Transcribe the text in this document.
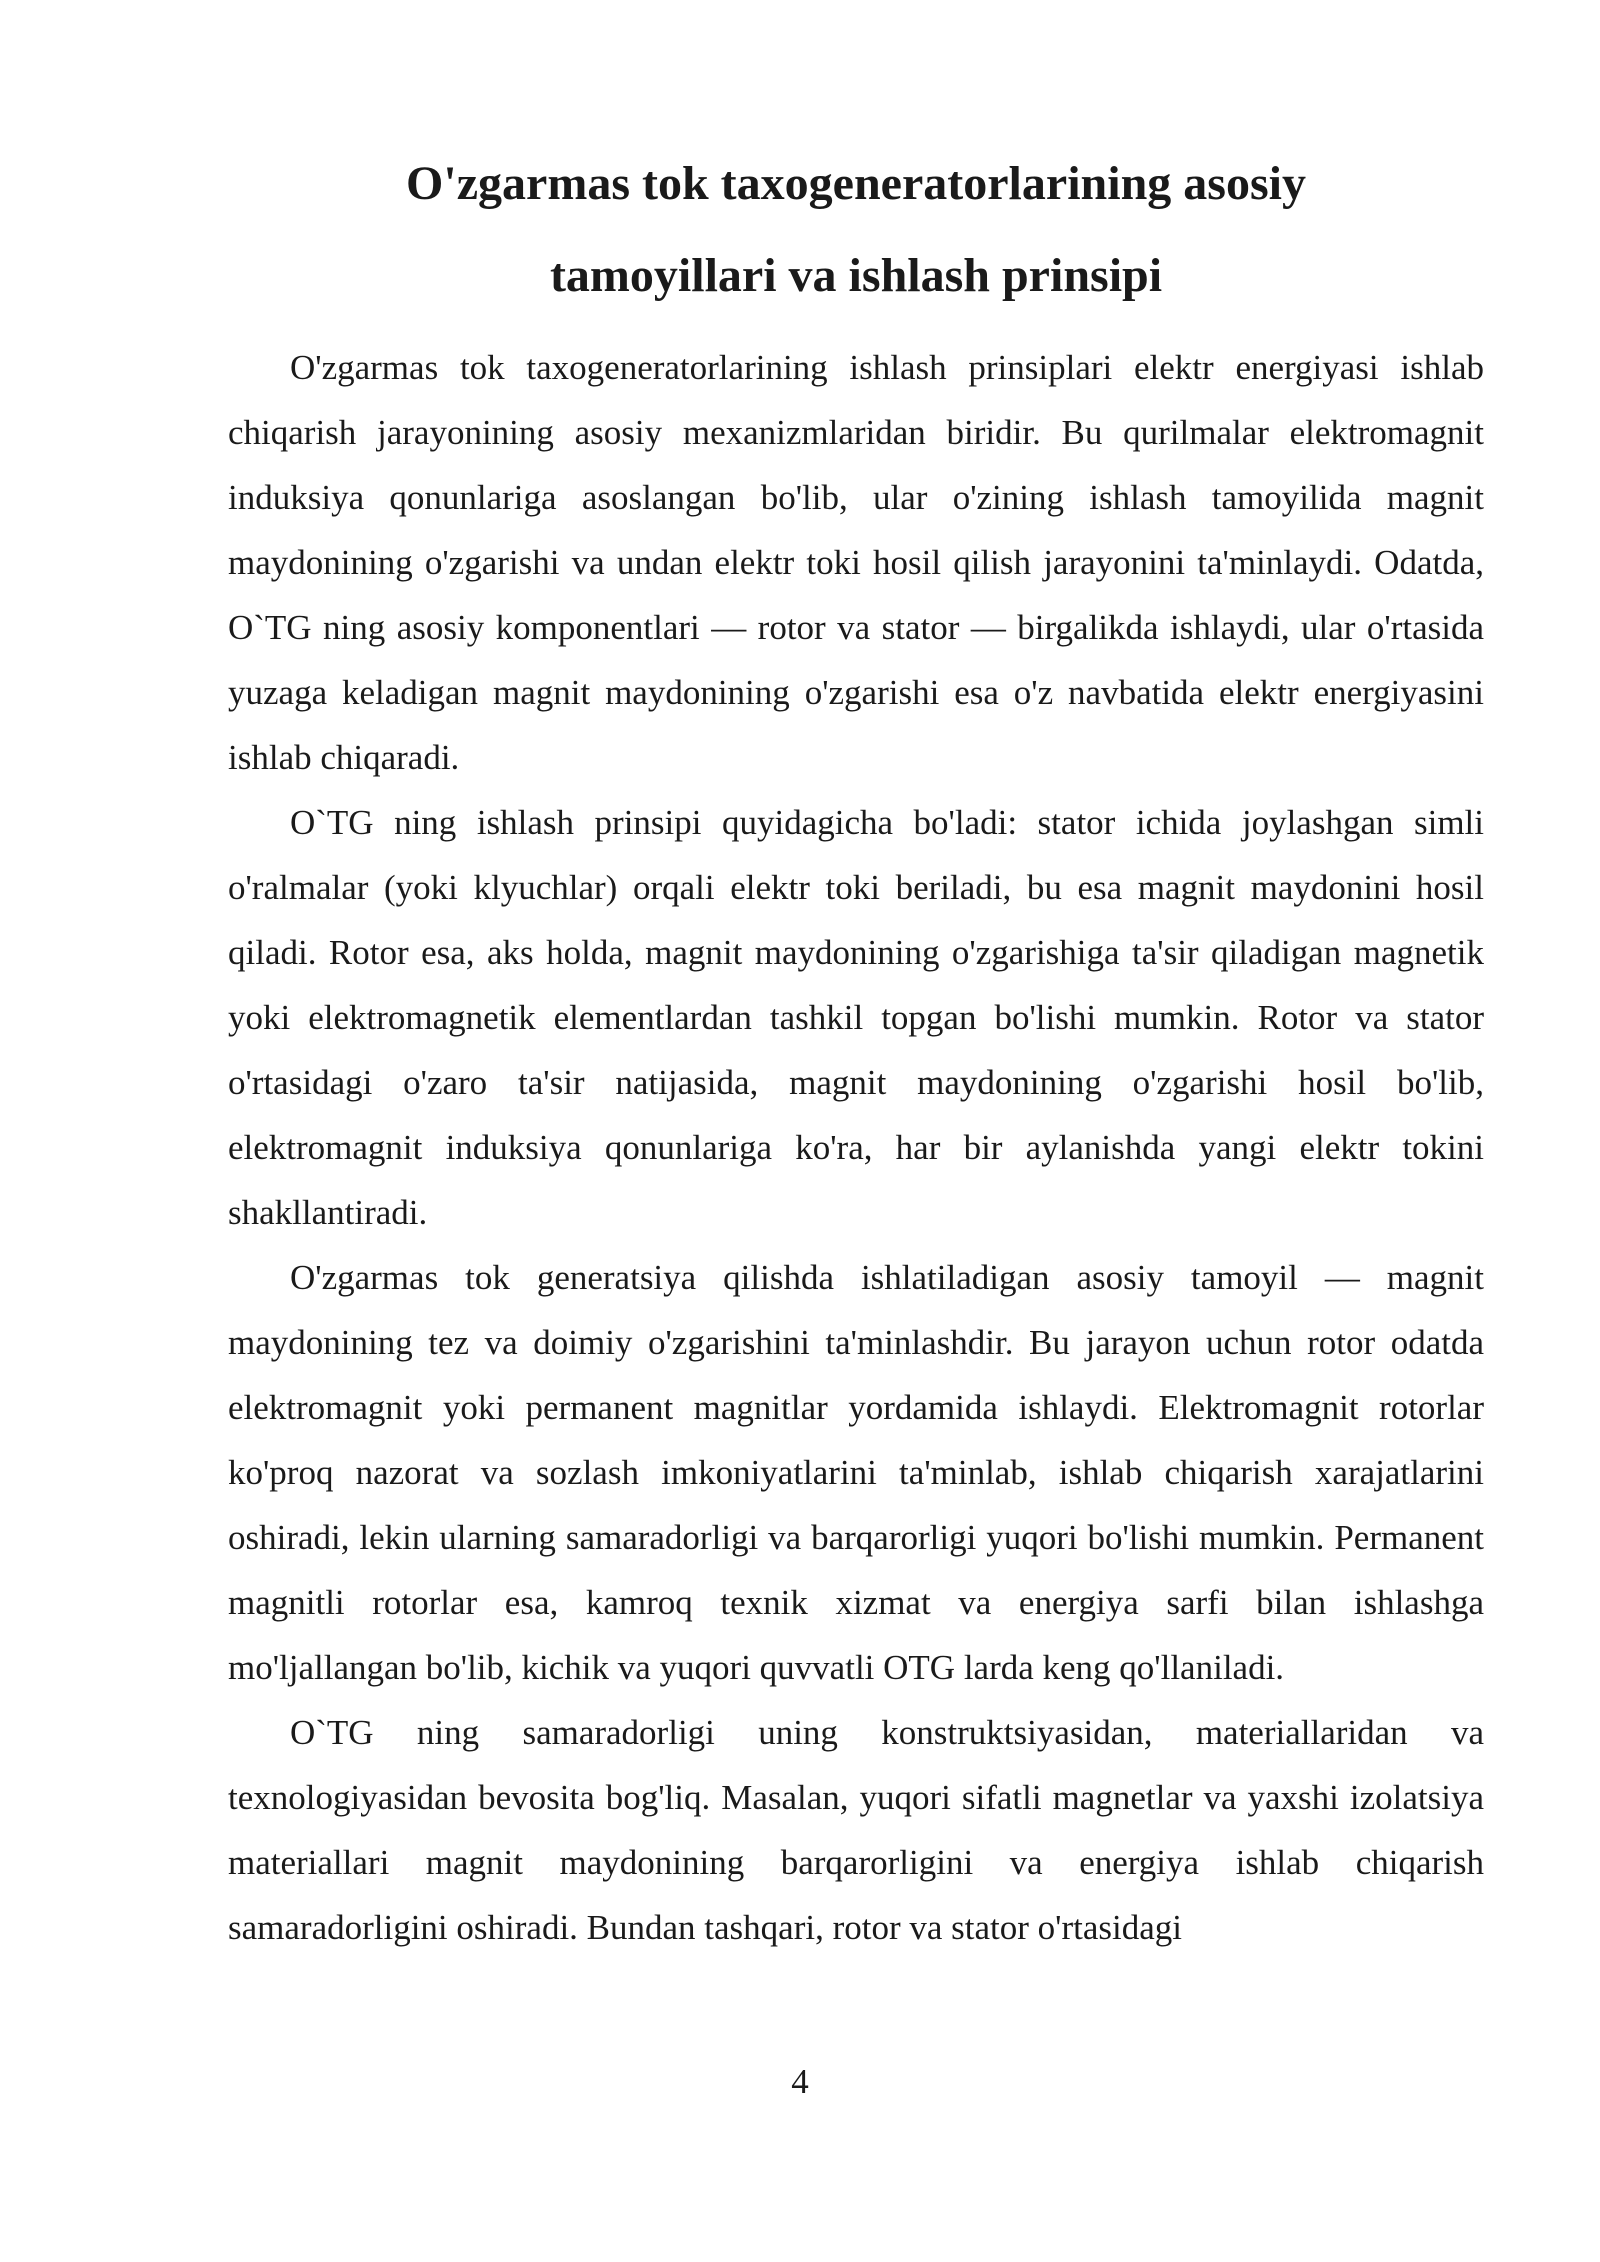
O'zgarmas tok taxogeneratorlarining asosiy
tamoyillari va ishlash prinsipi

O'zgarmas tok taxogeneratorlarining ishlash prinsiplari elektr energiyasi ishlab chiqarish jarayonining asosiy mexanizmlaridan biridir. Bu qurilmalar elektromagnit induksiya qonunlariga asoslangan bo'lib, ular o'zining ishlash tamoyilida magnit maydonining o'zgarishi va undan elektr toki hosil qilish jarayonini ta'minlaydi. Odatda, O`TG ning asosiy komponentlari — rotor va stator — birgalikda ishlaydi, ular o'rtasida yuzaga keladigan magnit maydonining o'zgarishi esa o'z navbatida elektr energiyasini ishlab chiqaradi.

O`TG ning ishlash prinsipi quyidagicha bo'ladi: stator ichida joylashgan simli o'ralmalar (yoki klyuchlar) orqali elektr toki beriladi, bu esa magnit maydonini hosil qiladi. Rotor esa, aks holda, magnit maydonining o'zgarishiga ta'sir qiladigan magnetik yoki elektromagnetik elementlardan tashkil topgan bo'lishi mumkin. Rotor va stator o'rtasidagi o'zaro ta'sir natijasida, magnit maydonining o'zgarishi hosil bo'lib, elektromagnit induksiya qonunlariga ko'ra, har bir aylanishda yangi elektr tokini shakllantiradi.

O'zgarmas tok generatsiya qilishda ishlatiladigan asosiy tamoyil — magnit maydonining tez va doimiy o'zgarishini ta'minlashdir. Bu jarayon uchun rotor odatda elektromagnit yoki permanent magnitlar yordamida ishlaydi. Elektromagnit rotorlar ko'proq nazorat va sozlash imkoniyatlarini ta'minlab, ishlab chiqarish xarajatlarini oshiradi, lekin ularning samaradorligi va barqarorligi yuqori bo'lishi mumkin. Permanent magnitli rotorlar esa, kamroq texnik xizmat va energiya sarfi bilan ishlashga mo'ljallangan bo'lib, kichik va yuqori quvvatli OTG larda keng qo'llaniladi.

O`TG ning samaradorligi uning konstruktsiyasidan, materiallaridan va texnologiyasidan bevosita bog'liq. Masalan, yuqori sifatli magnetlar va yaxshi izolatsiya materiallari magnit maydonining barqarorligini va energiya ishlab chiqarish samaradorligini oshiradi. Bundan tashqari, rotor va stator o'rtasidagi

4
